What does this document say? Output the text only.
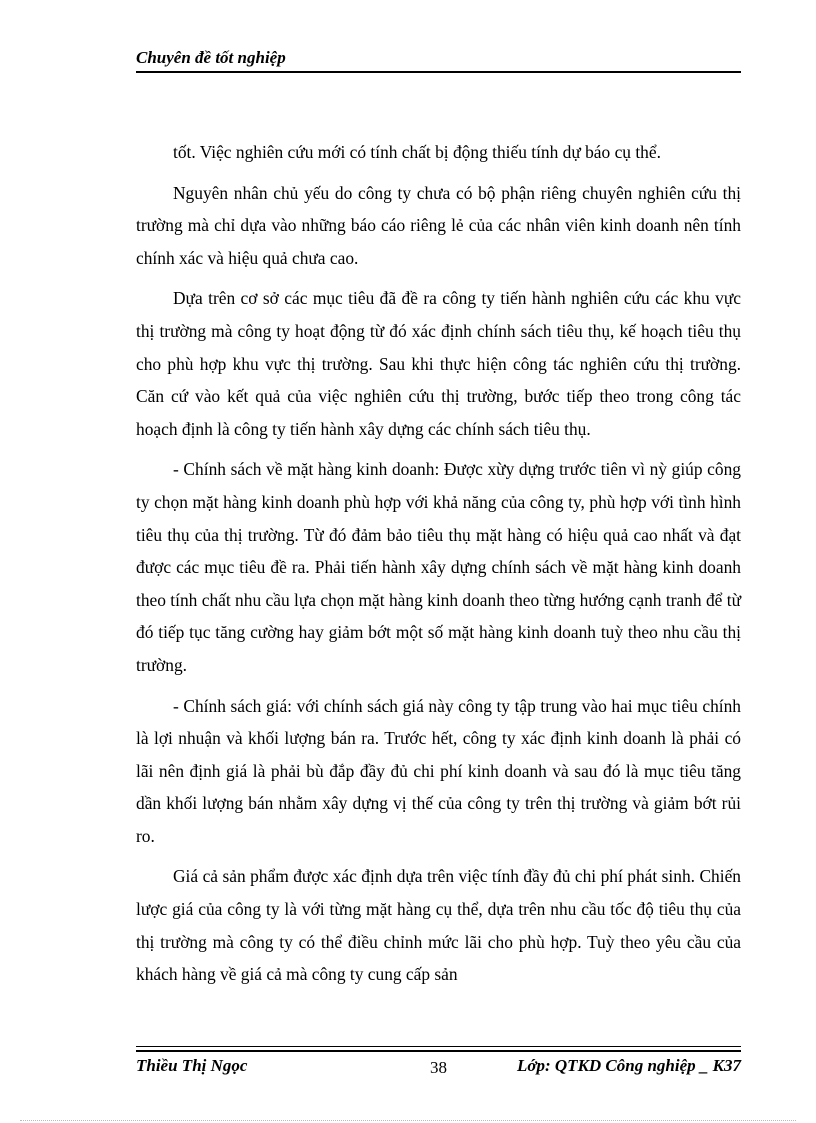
Chuyên đề tốt nghiệp

tốt. Việc nghiên cứu mới có tính chất bị động thiếu tính dự báo cụ thể.

Nguyên nhân chủ yếu do công ty chưa có bộ phận riêng chuyên nghiên cứu thị trường mà chỉ dựa vào những báo cáo riêng lẻ của các nhân viên kinh doanh nên tính chính xác và hiệu quả chưa cao.

Dựa trên cơ sở các mục tiêu đã đề ra công ty tiến hành nghiên cứu các khu vực thị trường mà công ty hoạt động từ đó xác định chính sách tiêu thụ, kế hoạch tiêu thụ cho phù hợp khu vực thị trường. Sau khi thực hiện công tác nghiên cứu thị trường. Căn cứ vào kết quả của việc nghiên cứu thị trường, bước tiếp theo trong công tác hoạch định là công ty tiến hành xây dựng các chính sách tiêu thụ.

- Chính sách về mặt hàng kinh doanh: Được xừy dựng trước tiên vì nỳ giúp công ty chọn mặt hàng kinh doanh phù hợp với khả năng của công ty, phù hợp với tình hình tiêu thụ của thị trường. Từ đó đảm bảo tiêu thụ mặt hàng có hiệu quả cao nhất và đạt được các mục tiêu đề ra. Phải tiến hành xây dựng chính sách về mặt hàng kinh doanh theo tính chất nhu cầu lựa chọn mặt hàng kinh doanh theo từng hướng cạnh tranh để từ đó tiếp tục tăng cường hay giảm bớt một số mặt hàng kinh doanh tuỳ theo nhu cầu thị trường.

- Chính sách giá: với chính sách giá này công ty tập trung vào hai mục tiêu chính là lợi nhuận và khối lượng bán ra. Trước hết, công ty xác định kinh doanh là phải có lãi nên định giá là phải bù đắp đầy đủ chi phí kinh doanh và sau đó là mục tiêu tăng dần khối lượng bán nhằm xây dựng vị thế của công ty trên thị trường và giảm bớt rủi ro.

Giá cả sản phẩm được xác định dựa trên việc tính đầy đủ chi phí phát sinh. Chiến lược giá của công ty là với từng mặt hàng cụ thể, dựa trên nhu cầu tốc độ tiêu thụ của thị trường mà công ty có thể điều chỉnh mức lãi cho phù hợp. Tuỳ theo yêu cầu của khách hàng về giá cả mà công ty cung cấp sản

Thiều Thị Ngọc	38	Lớp: QTKD Công nghiệp _ K37
